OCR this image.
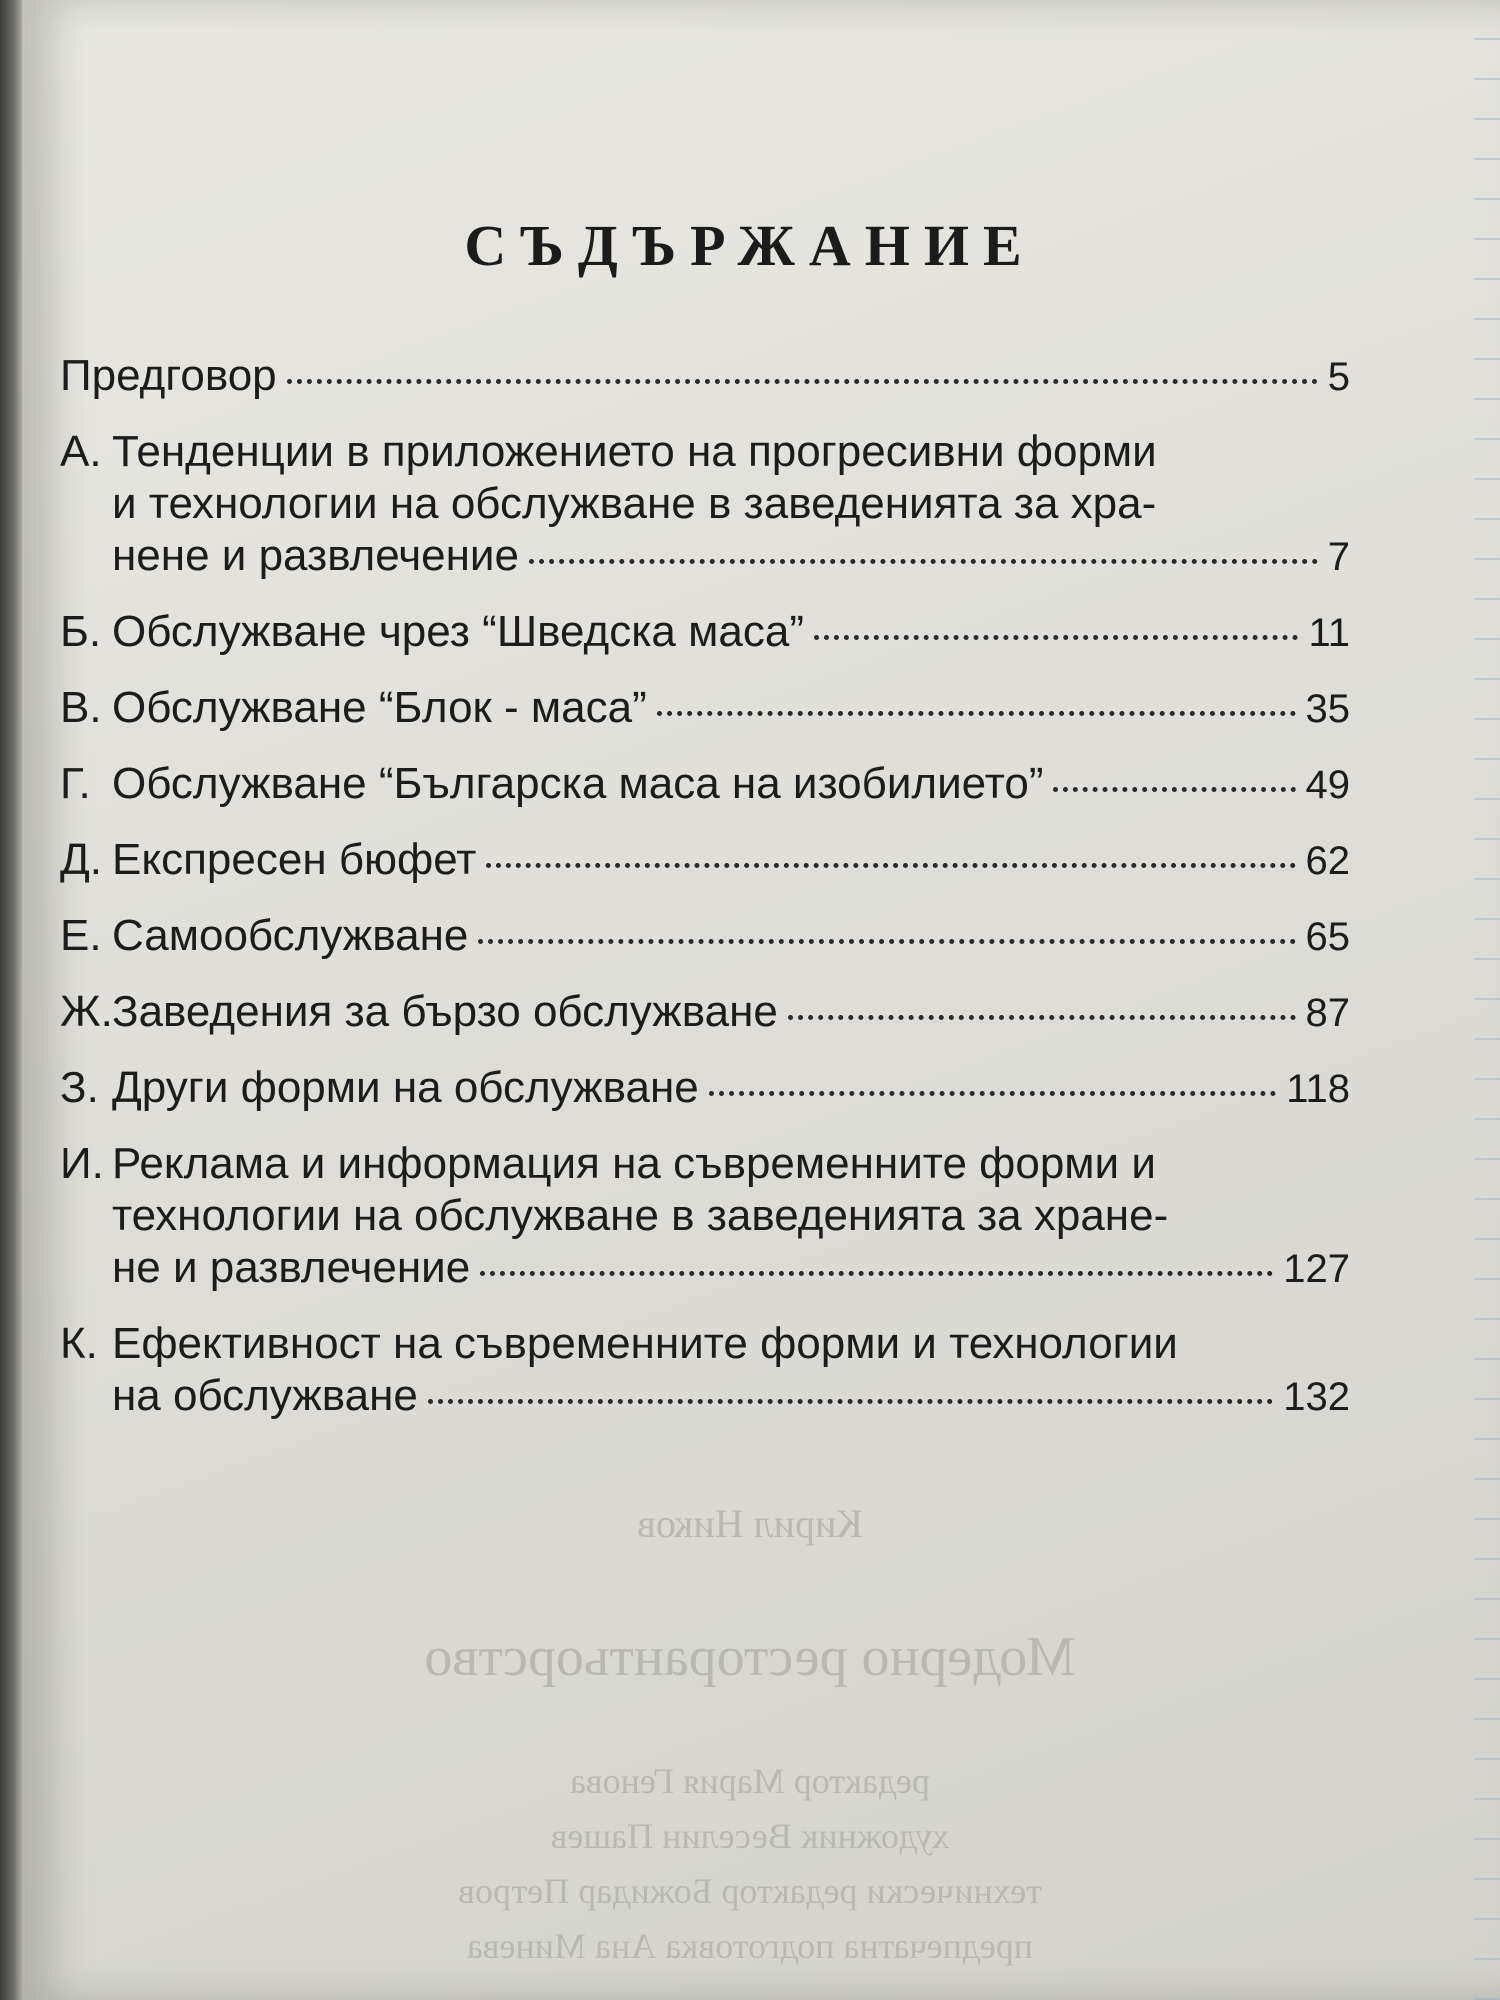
СЪДЪРЖАНИЕ
Предговор	5
А. Тенденции в приложението на прогресивни форми
и технологии на обслужване в заведенията за хра-
нене и развлечение	7
Б. Обслужване чрез “Шведска маса”	11
В. Обслужване “Блок - маса”	35
Г. Обслужване “Българска маса на изобилието”	49
Д. Експресен бюфет	62
Е. Самообслужване	65
Ж. Заведения за бързо обслужване	87
З. Други форми на обслужване	118
И. Реклама и информация на съвременните форми и
технологии на обслужване в заведенията за хране-
не и развлечение	127
К. Ефективност на съвременните форми и технологии
на обслужване	132
Кирил Ников
Модерно ресторантьорство
редактор Мария Генова
художник Веселин Пашев
технически редактор Божидар Петров
предпечатна подготовка Ана Минева
